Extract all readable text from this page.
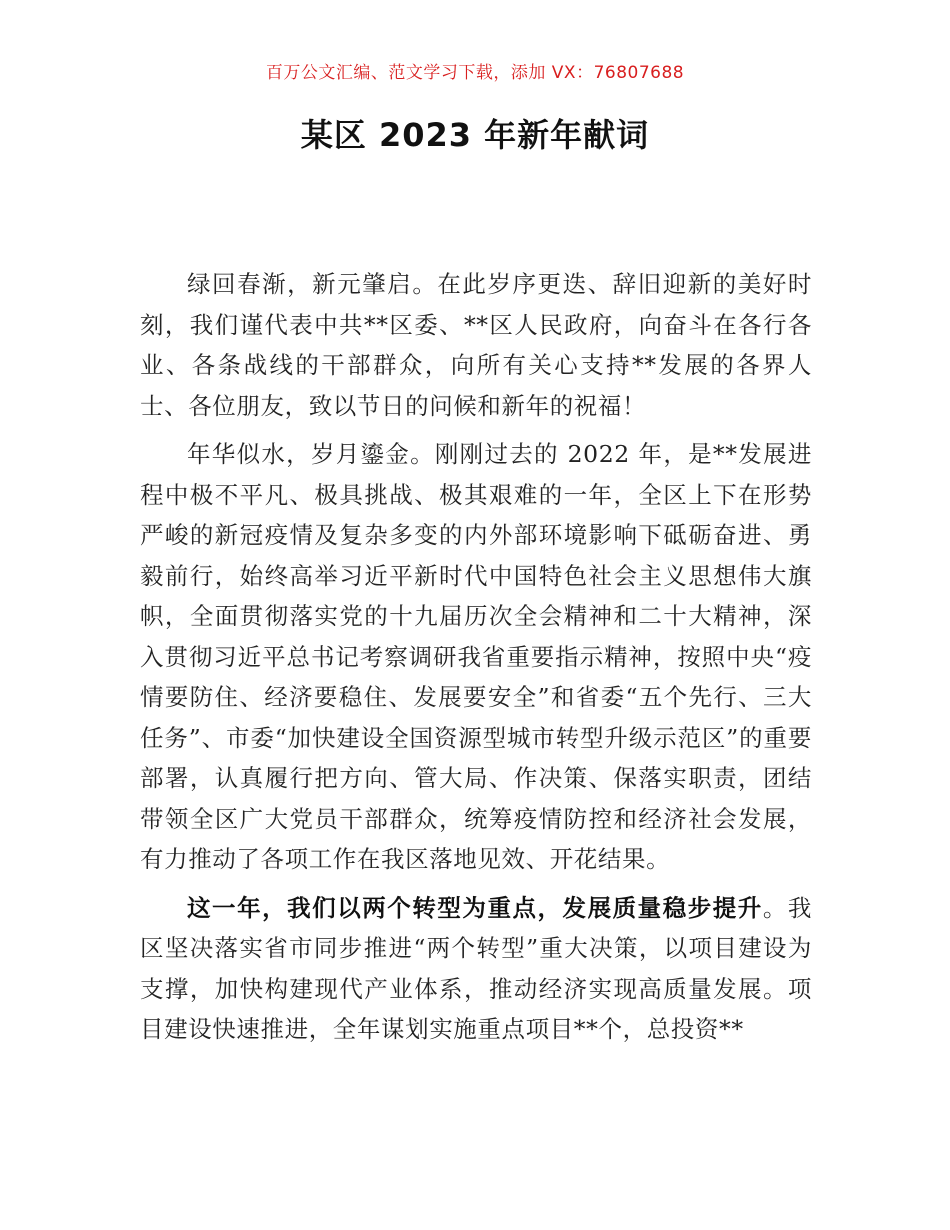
百万公文汇编、范文学习下载，添加 VX：76807688
某区 2023 年新年献词

绿回春渐，新元肇启。在此岁序更迭、辞旧迎新的美好时刻，我们谨代表中共**区委、**区人民政府，向奋斗在各行各业、各条战线的干部群众，向所有关心支持**发展的各界人士、各位朋友，致以节日的问候和新年的祝福！

年华似水，岁月鎏金。刚刚过去的 2022 年，是**发展进程中极不平凡、极具挑战、极其艰难的一年，全区上下在形势严峻的新冠疫情及复杂多变的内外部环境影响下砥砺奋进、勇毅前行，始终高举习近平新时代中国特色社会主义思想伟大旗帜，全面贯彻落实党的十九届历次全会精神和二十大精神，深入贯彻习近平总书记考察调研我省重要指示精神，按照中央“疫情要防住、经济要稳住、发展要安全”和省委“五个先行、三大任务”、市委“加快建设全国资源型城市转型升级示范区”的重要部署，认真履行把方向、管大局、作决策、保落实职责，团结带领全区广大党员干部群众，统筹疫情防控和经济社会发展，有力推动了各项工作在我区落地见效、开花结果。

这一年，我们以两个转型为重点，发展质量稳步提升。我区坚决落实省市同步推进“两个转型”重大决策，以项目建设为支撑，加快构建现代产业体系，推动经济实现高质量发展。项目建设快速推进，全年谋划实施重点项目**个，总投资**
